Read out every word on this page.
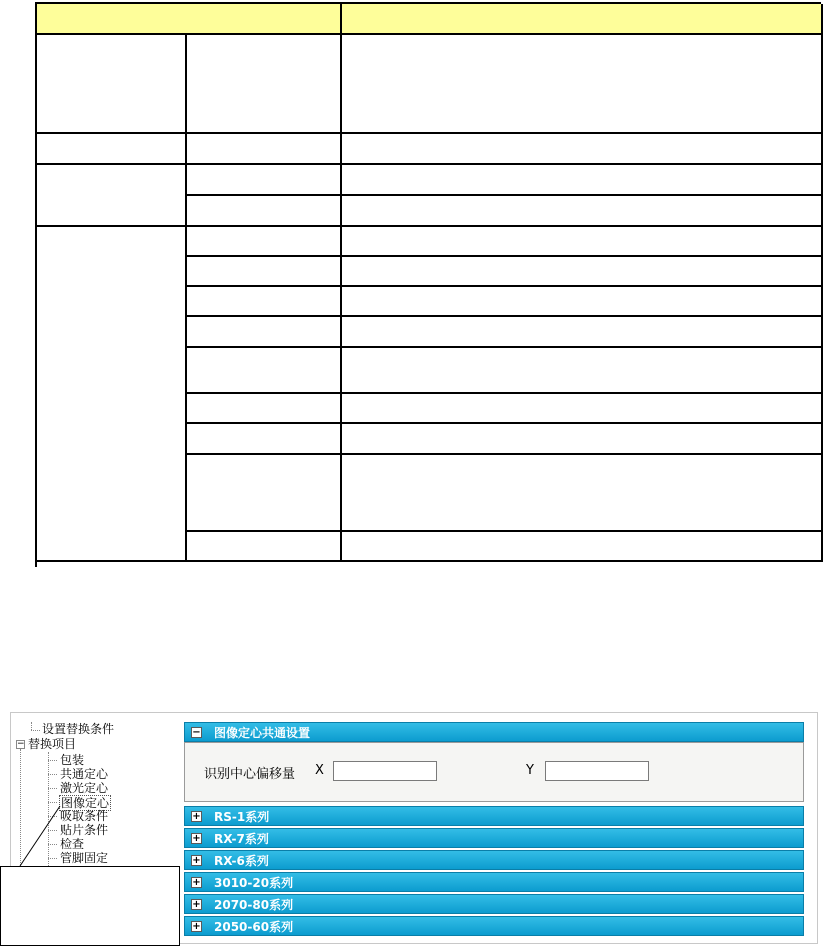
−
设置替换条件
替换项目
包装
共通定心
激光定心
图像定心
吸取条件
贴片条件
检查
管脚固定
− 图像定心共通设置
识别中心偏移量 X	Y
+ RS-1系列
+ RX-7系列
+ RX-6系列
+ 3010-20系列
+ 2070-80系列
+ 2050-60系列
